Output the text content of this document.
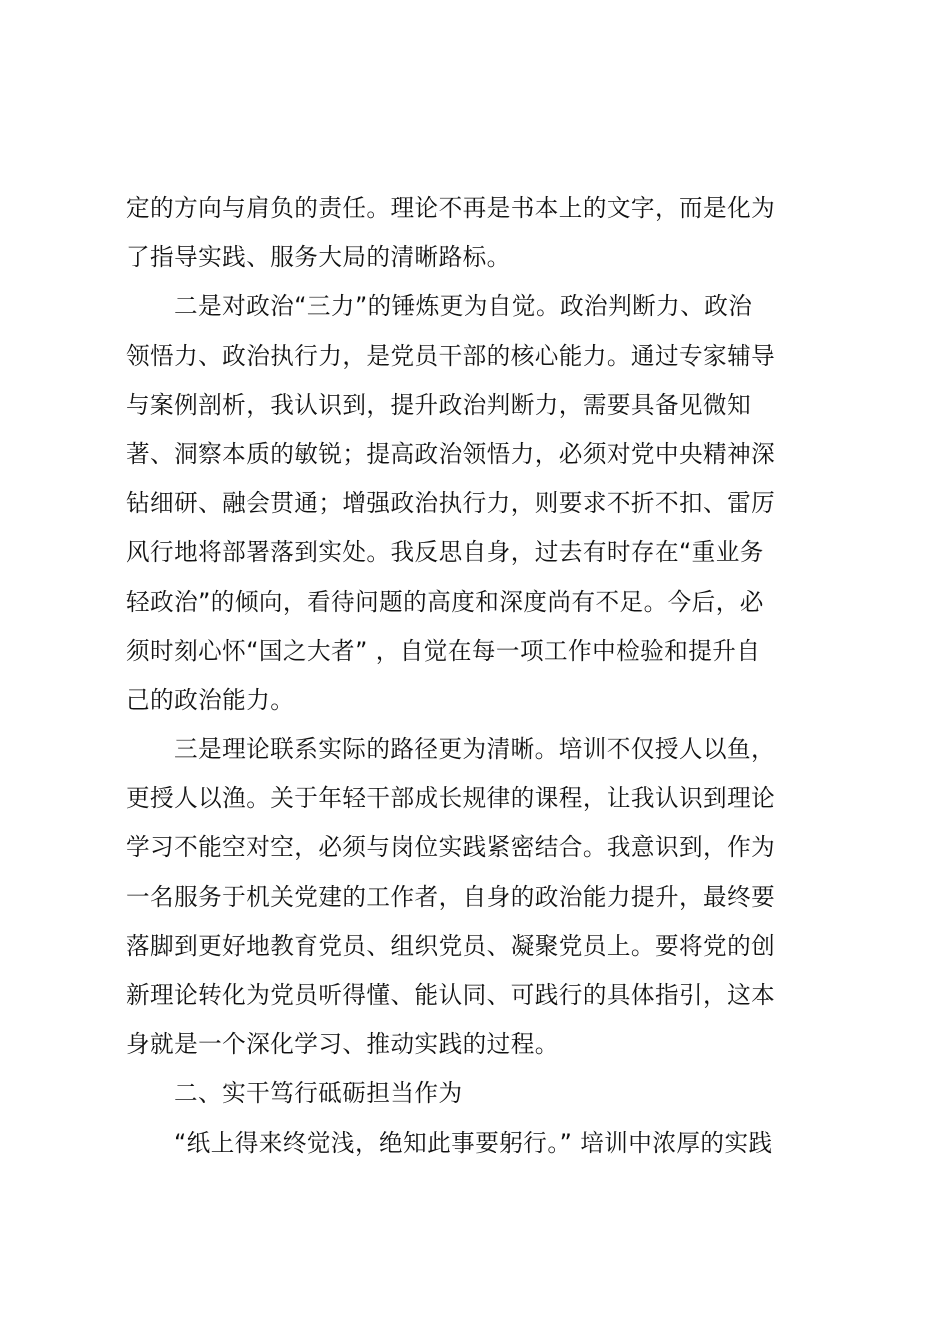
定的方向与肩负的责任。理论不再是书本上的文字，而是化为
了指导实践、服务大局的清晰路标。
二是对政治“三力”的锤炼更为自觉。政治判断力、政治
领悟力、政治执行力，是党员干部的核心能力。通过专家辅导
与案例剖析，我认识到，提升政治判断力，需要具备见微知
著、洞察本质的敏锐；提高政治领悟力，必须对党中央精神深
钻细研、融会贯通；增强政治执行力，则要求不折不扣、雷厉
风行地将部署落到实处。我反思自身，过去有时存在“重业务
轻政治”的倾向，看待问题的高度和深度尚有不足。今后，必
须时刻心怀“国之大者” ，自觉在每一项工作中检验和提升自
己的政治能力。
三是理论联系实际的路径更为清晰。培训不仅授人以鱼，
更授人以渔。关于年轻干部成长规律的课程，让我认识到理论
学习不能空对空，必须与岗位实践紧密结合。我意识到，作为
一名服务于机关党建的工作者，自身的政治能力提升，最终要
落脚到更好地教育党员、组织党员、凝聚党员上。要将党的创
新理论转化为党员听得懂、能认同、可践行的具体指引，这本
身就是一个深化学习、推动实践的过程。
二、实干笃行砥砺担当作为
“纸上得来终觉浅，绝知此事要躬行。” 培训中浓厚的实践
